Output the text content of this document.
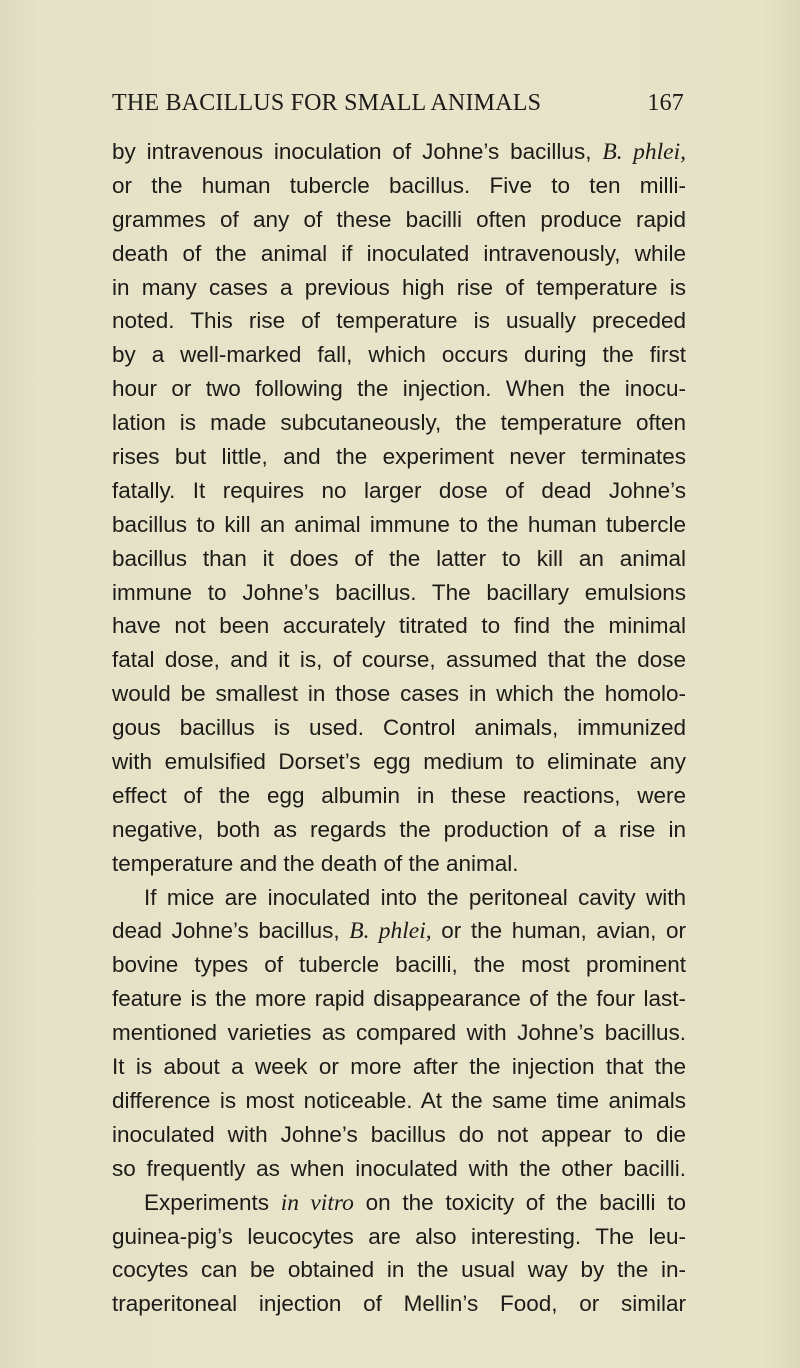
THE BACILLUS FOR SMALL ANIMALS	167
by intravenous inoculation of Johne’s bacillus, B. phlei,
or the human tubercle bacillus. Five to ten milli-
grammes of any of these bacilli often produce rapid
death of the animal if inoculated intravenously, while
in many cases a previous high rise of temperature is
noted. This rise of temperature is usually preceded
by a well-marked fall, which occurs during the first
hour or two following the injection. When the inocu-
lation is made subcutaneously, the temperature often
rises but little, and the experiment never terminates
fatally. It requires no larger dose of dead Johne’s
bacillus to kill an animal immune to the human tubercle
bacillus than it does of the latter to kill an animal
immune to Johne’s bacillus. The bacillary emulsions
have not been accurately titrated to find the minimal
fatal dose, and it is, of course, assumed that the dose
would be smallest in those cases in which the homolo-
gous bacillus is used. Control animals, immunized
with emulsified Dorset’s egg medium to eliminate any
effect of the egg albumin in these reactions, were
negative, both as regards the production of a rise in
temperature and the death of the animal.
If mice are inoculated into the peritoneal cavity with
dead Johne’s bacillus, B. phlei, or the human, avian, or
bovine types of tubercle bacilli, the most prominent
feature is the more rapid disappearance of the four last-
mentioned varieties as compared with Johne’s bacillus.
It is about a week or more after the injection that the
difference is most noticeable. At the same time animals
inoculated with Johne’s bacillus do not appear to die
so frequently as when inoculated with the other bacilli.
Experiments in vitro on the toxicity of the bacilli to
guinea-pig’s leucocytes are also interesting. The leu-
cocytes can be obtained in the usual way by the in-
traperitoneal injection of Mellin’s Food, or similar
